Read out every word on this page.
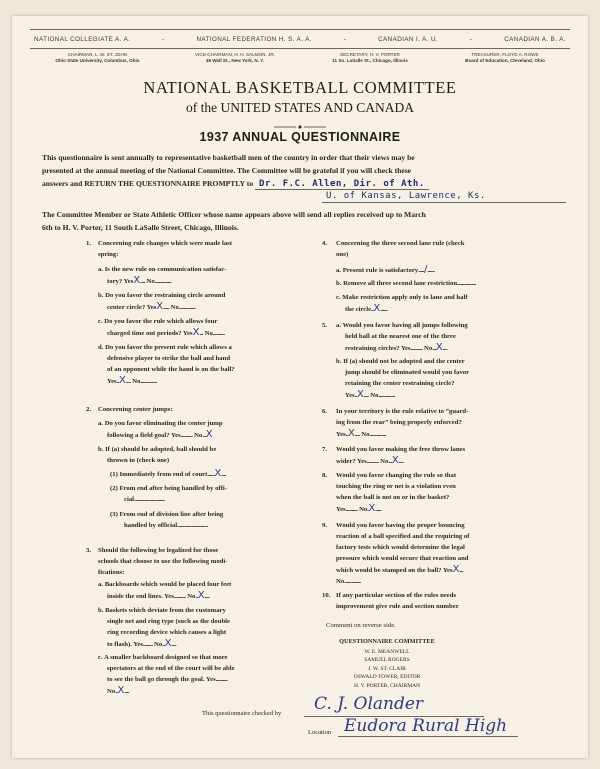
NATIONAL COLLEGIATE A. A.	-	NATIONAL FEDERATION H. S. A. A.	-	CANADIAN I. A. U.	-	CANADIAN A. B. A.
CHAIRMAN, L. W. ST. JOHN
Ohio State University, Columbus, Ohio
VICE-CHAIRMAN, H. H. SALMON, JR.
49 Wall St., New York, N. Y.
SECRETARY, H. V. PORTER
11 So. LaSalle St., Chicago, Illinois
TREASURER, FLOYD A. ROWE
Board of Education, Cleveland, Ohio
NATIONAL BASKETBALL COMMITTEE
of the UNITED STATES AND CANADA
1937 ANNUAL QUESTIONNAIRE
This questionnaire is sent annually to representative basketball men of the country in order that their views may be
presented at the annual meeting of the National Committee. The Committee will be grateful if you will check these
answers and RETURN THE QUESTIONNAIRE PROMPTLY to Dr. F.C. Allen, Dir. of Ath.
U. of Kansas, Lawrence, Ks.
The Committee Member or State Athletic Officer whose name appears above will send all replies received up to March
6th to H. V. Porter, 11 South LaSalle Street, Chicago, Illinois.
1. Concerning rule changes which were made last
spring:
a. Is the new rule on communication satisfac-
tory? YesX.... No..............
b. Do you favor the restraining circle around
center circle? YesX..... No..............
c. Do you favor the rule which allows four
charged time out periods? YesX... No..........
d. Do you favor the present rule which allows a
defensive player to strike the ball and hand
of an opponent while the hand is on the ball?
Yes..X.... No..............
2. Concerning center jumps:
a. Do you favor eliminating the center jump
following a field goal? Yes.......... No...X
b. If (a) should be adopted, ball should be
thrown in (check one)
(1) Immediately from end of court......X....
(2) From end after being handled by offi-
cial..........................
(3) From end of division line after being
handled by official..........................
3. Should the following be legalized for those
schools that choose to use the following modi-
fications:
a. Backboards which would be placed four feet
inside the end lines. Yes.......... No..X....
b. Baskets which deviate from the customary
single net and ring type (such as the double
ring recording device which causes a light
to flash). Yes........ No..X....
c. A smaller backboard designed so that more
spectators at the end of the court will be able
to see the ball go through the goal. Yes..........
No..X....
4. Concerning the three second lane rule (check
one)
a. Present rule is satisfactory...../......
b. Remove all three second lane restriction................
c. Make restriction apply only to lane and half
the circle..X......
5. a. Would you favor having all jumps following
held ball at the nearest one of the three
restraining circles? Yes.......... No...X....
b. If (a) should not be adopted and the center
jump should be eliminated would you favor
retaining the center restraining circle?
Yes..X.... No..............
6. In your territory is the rule relative to “guard-
ing from the rear” being properly enforced?
Yes..X.... No..............
7. Would you favor making the free throw lanes
wider? Yes.......... No...X....
8. Would you favor changing the rule so that
touching the ring or net is a violation even
when the ball is not on or in the basket?
Yes.......... No.X.....
9. Would you favor having the proper bouncing
reaction of a ball specified and the requiring of
factory tests which would determine the legal
pressure which would secure that reaction and
which would be stamped on the ball? YesX...
No..............
10. If any particular section of the rules needs
improvement give rule and section number
Comment on reverse side.
QUESTIONNAIRE COMMITTEE
W. E. MEANWELL
SAMUEL ROGERS
J. W. ST. CLAIR
OSWALD TOWER, EDITOR
H. V. PORTER, CHAIRMAN
This questionnaire checked by C. J. Olander
Location Eudora Rural High
